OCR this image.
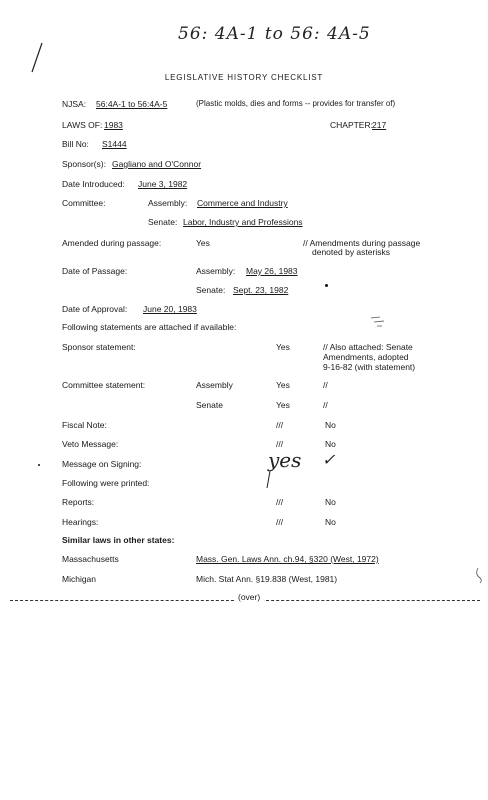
56: 4A-1 to 56: 4A-5
LEGISLATIVE HISTORY CHECKLIST
NJSA: 56:4A-1 to 56:4A-5	(Plastic molds, dies and forms -- provides for transfer of)
LAWS OF: 1983	CHAPTER: 217
Bill No: S1444
Sponsor(s): Gagliano and O'Connor
Date Introduced: June 3, 1982
Committee:	Assembly: Commerce and Industry
Senate: Labor, Industry and Professions
Amended during passage:	Yes	// Amendments during passage
denoted by asterisks
Date of Passage:	Assembly: May 26, 1983
Senate: Sept. 23, 1982
Date of Approval: June 20, 1983
Following statements are attached if available:
Sponsor statement:	Yes	// Also attached: Senate
Amendments, adopted
9-16-82 (with statement)
Committee statement:	Assembly	Yes	//
Senate	Yes	//
Fiscal Note:	///	No
Veto Message:	///	No
Message on Signing:	yes ✓
Following were printed:
Reports:	///	No
Hearings:	///	No
Similar laws in other states:
Massachusetts	Mass. Gen. Laws Ann. ch.94, §320 (West, 1972)
Michigan	Mich. Stat Ann. §19.838 (West, 1981)
(over)
